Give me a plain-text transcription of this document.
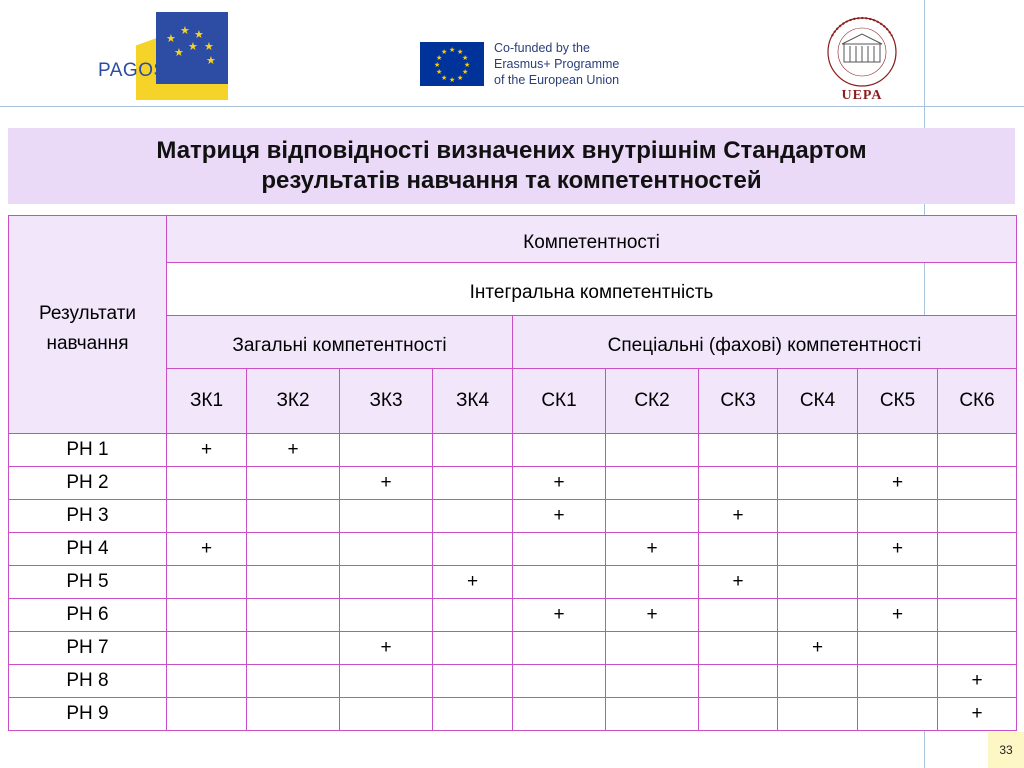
★
★ ★
★
★
★
★
PAGOSTE
★ ★
★
★
★
★
★
★
★
★
★
★	Co-funded by the
Erasmus+ Programme
of the European Union
UEPA
Матриця відповідності визначених внутрішнім Стандартом
результатів навчання та компетентностей
Результати
навчання	Компетентності									
	Інтегральна компетентність									
	Загальні компетентності				Спеціальні (фахові) компетентності					
	ЗК1	ЗК2	ЗК3	ЗК4	СК1	СК2	СК3	СК4	СК5	СК6
РН 1	+	+								
РН 2			+		+				+	
РН 3					+		+			
РН 4	+					+			+	
РН 5				+			+			
РН 6					+	+			+	
РН 7			+					+		
РН 8										+
РН 9										+
33
